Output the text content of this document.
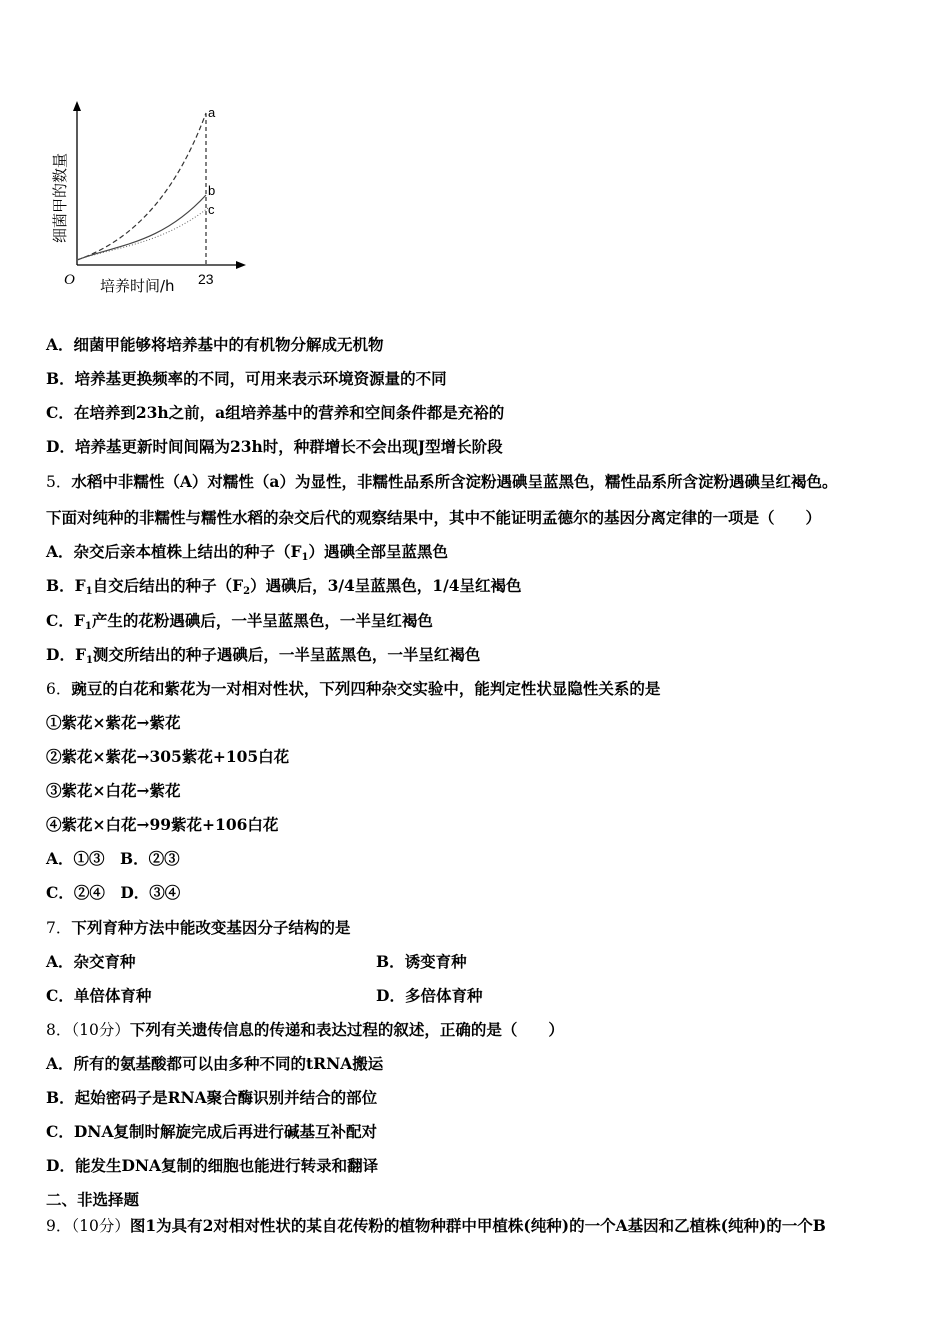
a
b
c
O	23
培养时间/h
细菌甲的数量
A．细菌甲能够将培养基中的有机物分解成无机物
B．培养基更换频率的不同，可用来表示环境资源量的不同
C．在培养到23h之前，a组培养基中的营养和空间条件都是充裕的
D．培养基更新时间间隔为23h时，种群增长不会出现J型增长阶段
5．水稻中非糯性（A）对糯性（a）为显性，非糯性品系所含淀粉遇碘呈蓝黑色，糯性品系所含淀粉遇碘呈红褐色。
下面对纯种的非糯性与糯性水稻的杂交后代的观察结果中，其中不能证明孟德尔的基因分离定律的一项是（　　）
A．杂交后亲本植株上结出的种子$(F_1)$遇碘全部呈蓝黑色
B．$F_1$自交后结出的种子$(F_2)$遇碘后，3/4呈蓝黑色，1/4呈红褐色
C．$F_1$产生的花粉遇碘后，一半呈蓝黑色，一半呈红褐色
D．$F_1$测交所结出的种子遇碘后，一半呈蓝黑色，一半呈红褐色
6．豌豆的白花和紫花为一对相对性状，下列四种杂交实验中，能判定性状显隐性关系的是
①紫花×紫花→紫花
②紫花×紫花→305紫花+105白花
③紫花×白花→紫花
④紫花×白花→99紫花+106白花
A．①③　B．②③
C．②④　D．③④
7．下列育种方法中能改变基因分子结构的是
A．杂交育种	B．诱变育种
C．单倍体育种	D．多倍体育种
8．（10分）下列有关遗传信息的传递和表达过程的叙述，正确的是（　　）
A．所有的氨基酸都可以由多种不同的tRNA搬运
B．起始密码子是RNA聚合酶识别并结合的部位
C．DNA复制时解旋完成后再进行碱基互补配对
D．能发生DNA复制的细胞也能进行转录和翻译
二、非选择题
9．（10分）图1为具有2对相对性状的某自花传粉的植物种群中甲植株(纯种)的一个A基因和乙植株(纯种)的一个B
